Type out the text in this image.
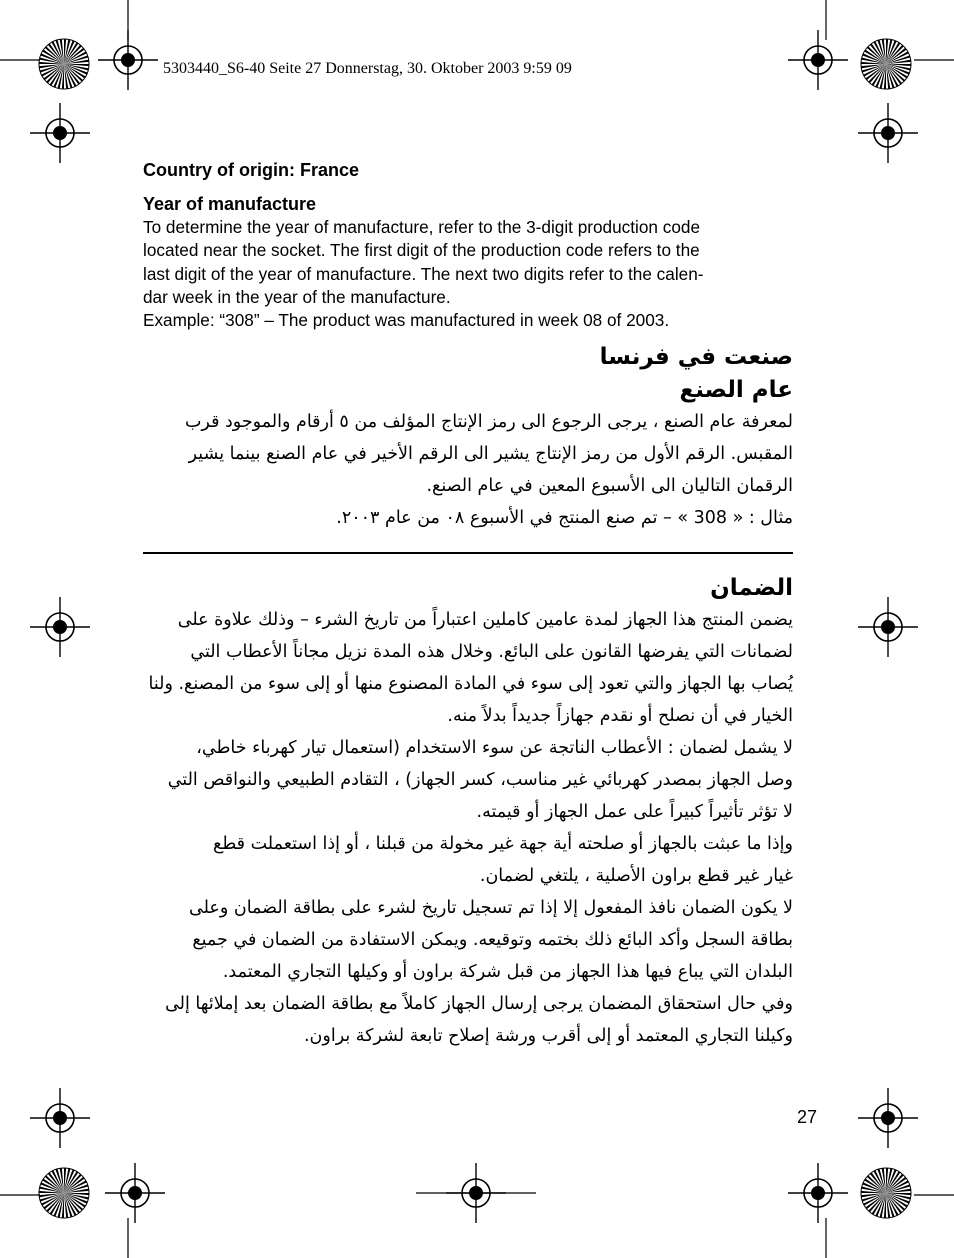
5303440_S6-40 Seite 27 Donnerstag, 30. Oktober 2003 9:59 09
Country of origin: France
Year of manufacture
To determine the year of manufacture, refer to the 3-digit production code
located near the socket. The first digit of the production code refers to the
last digit of the year of manufacture. The next two digits refer to the calen-
dar week in the year of the manufacture.
Example: “308” – The product was manufactured in week 08 of 2003.
صنعت في فرنسا
عام الصنع
لمعرفة عام الصنع ، يرجى الرجوع الى رمز الإنتاج المؤلف من ٥ أرقام والموجود قرب
المقبس. الرقم الأول من رمز الإنتاج يشير الى الرقم الأخير في عام الصنع بينما يشير
الرقمان التاليان الى الأسبوع المعين في عام الصنع.
مثال : « 308 » – تم صنع المنتج في الأسبوع ٠٨ من عام ٢٠٠٣.
الضمان
يضمن المنتج هذا الجهاز لمدة عامين كاملين اعتباراً من تاريخ الشرء – وذلك علاوة على
لضمانات التي يفرضها القانون على البائع. وخلال هذه المدة نزيل مجاناً الأعطاب التي
يُصاب بها الجهاز والتي تعود إلى سوء في المادة المصنوع منها أو إلى سوء من المصنع. ولنا
الخيار في أن نصلح أو نقدم جهازاً جديداً بدلاً منه.
لا يشمل لضمان : الأعطاب الناتجة عن سوء الاستخدام (استعمال تيار كهرباء خاطي،
وصل الجهاز بمصدر كهربائي غير مناسب، كسر الجهاز) ، التقادم الطبيعي والنواقص التي
لا تؤثر تأثيراً كبيراً على عمل الجهاز أو قيمته.
وإذا ما عبثت بالجهاز أو صلحته أية جهة غير مخولة من قبلنا ، أو إذا استعملت قطع
غيار غير قطع براون الأصلية ، يلتغي لضمان.
لا يكون الضمان نافذ المفعول إلا إذا تم تسجيل تاريخ لشرء على بطاقة الضمان وعلى
بطاقة السجل وأكد البائع ذلك بختمه وتوقيعه. ويمكن الاستفادة من الضمان في جميع
البلدان التي يباع فيها هذا الجهاز من قبل شركة براون أو وكيلها التجاري المعتمد.
وفي حال استحقاق المضمان يرجى إرسال الجهاز كاملاً مع بطاقة الضمان بعد إملائها إلى
وكيلنا التجاري المعتمد أو إلى أقرب ورشة إصلاح تابعة لشركة براون.
27
